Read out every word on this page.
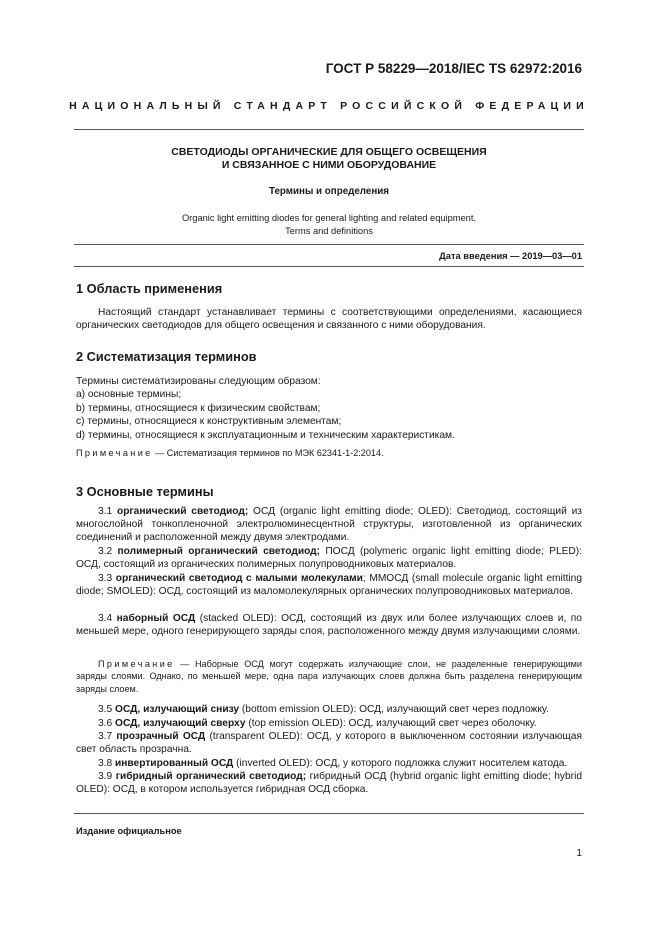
ГОСТ Р 58229—2018/IEC TS 62972:2016
НАЦИОНАЛЬНЫЙ СТАНДАРТ РОССИЙСКОЙ ФЕДЕРАЦИИ
СВЕТОДИОДЫ ОРГАНИЧЕСКИЕ ДЛЯ ОБЩЕГО ОСВЕЩЕНИЯ
И СВЯЗАННОЕ С НИМИ ОБОРУДОВАНИЕ
Термины и определения
Organic light emitting diodes for general lighting and related equipment.
Terms and definitions
Дата введения — 2019—03—01
1 Область применения
Настоящий стандарт устанавливает термины с соответствующими определениями, касающиеся органических светодиодов для общего освещения и связанного с ними оборудования.
2 Систематизация терминов
Термины систематизированы следующим образом:
a) основные термины;
b) термины, относящиеся к физическим свойствам;
c) термины, относящиеся к конструктивным элементам;
d) термины, относящиеся к эксплуатационным и техническим характеристикам.
Примечание — Систематизация терминов по МЭК 62341-1-2:2014.
3 Основные термины
3.1 органический светодиод; ОСД (organic light emitting diode; OLED): Светодиод, состоящий из многослойной тонкопленочной электролюминесцентной структуры, изготовленной из органических соединений и расположенной между двумя электродами.
3.2 полимерный органический светодиод; ПОСД (polymeric organic light emitting diode; PLED): ОСД, состоящий из органических полимерных полупроводниковых материалов.
3.3 органический светодиод с малыми молекулами; ММОСД (small molecule organic light emitting diode; SMOLED): ОСД, состоящий из маломолекулярных органических полупроводниковых материалов.
3.4 наборный ОСД (stacked OLED): ОСД, состоящий из двух или более излучающих слоев и, по меньшей мере, одного генерирующего заряды слоя, расположенного между двумя излучающими слоями.
Примечание — Наборные ОСД могут содержать излучающие слои, не разделенные генерирующими заряды слоями. Однако, по меньшей мере, одна пара излучающих слоев должна быть разделена генерирующим заряды слоем.
3.5 ОСД, излучающий снизу (bottom emission OLED): ОСД, излучающий свет через подложку.
3.6 ОСД, излучающий сверху (top emission OLED): ОСД, излучающий свет через оболочку.
3.7 прозрачный ОСД (transparent OLED): ОСД, у которого в выключенном состоянии излучающая свет область прозрачна.
3.8 инвертированный ОСД (inverted OLED): ОСД, у которого подложка служит носителем катода.
3.9 гибридный органический светодиод; гибридный ОСД (hybrid organic light emitting diode; hybrid OLED): ОСД, в котором используется гибридная ОСД сборка.
Издание официальное
1
